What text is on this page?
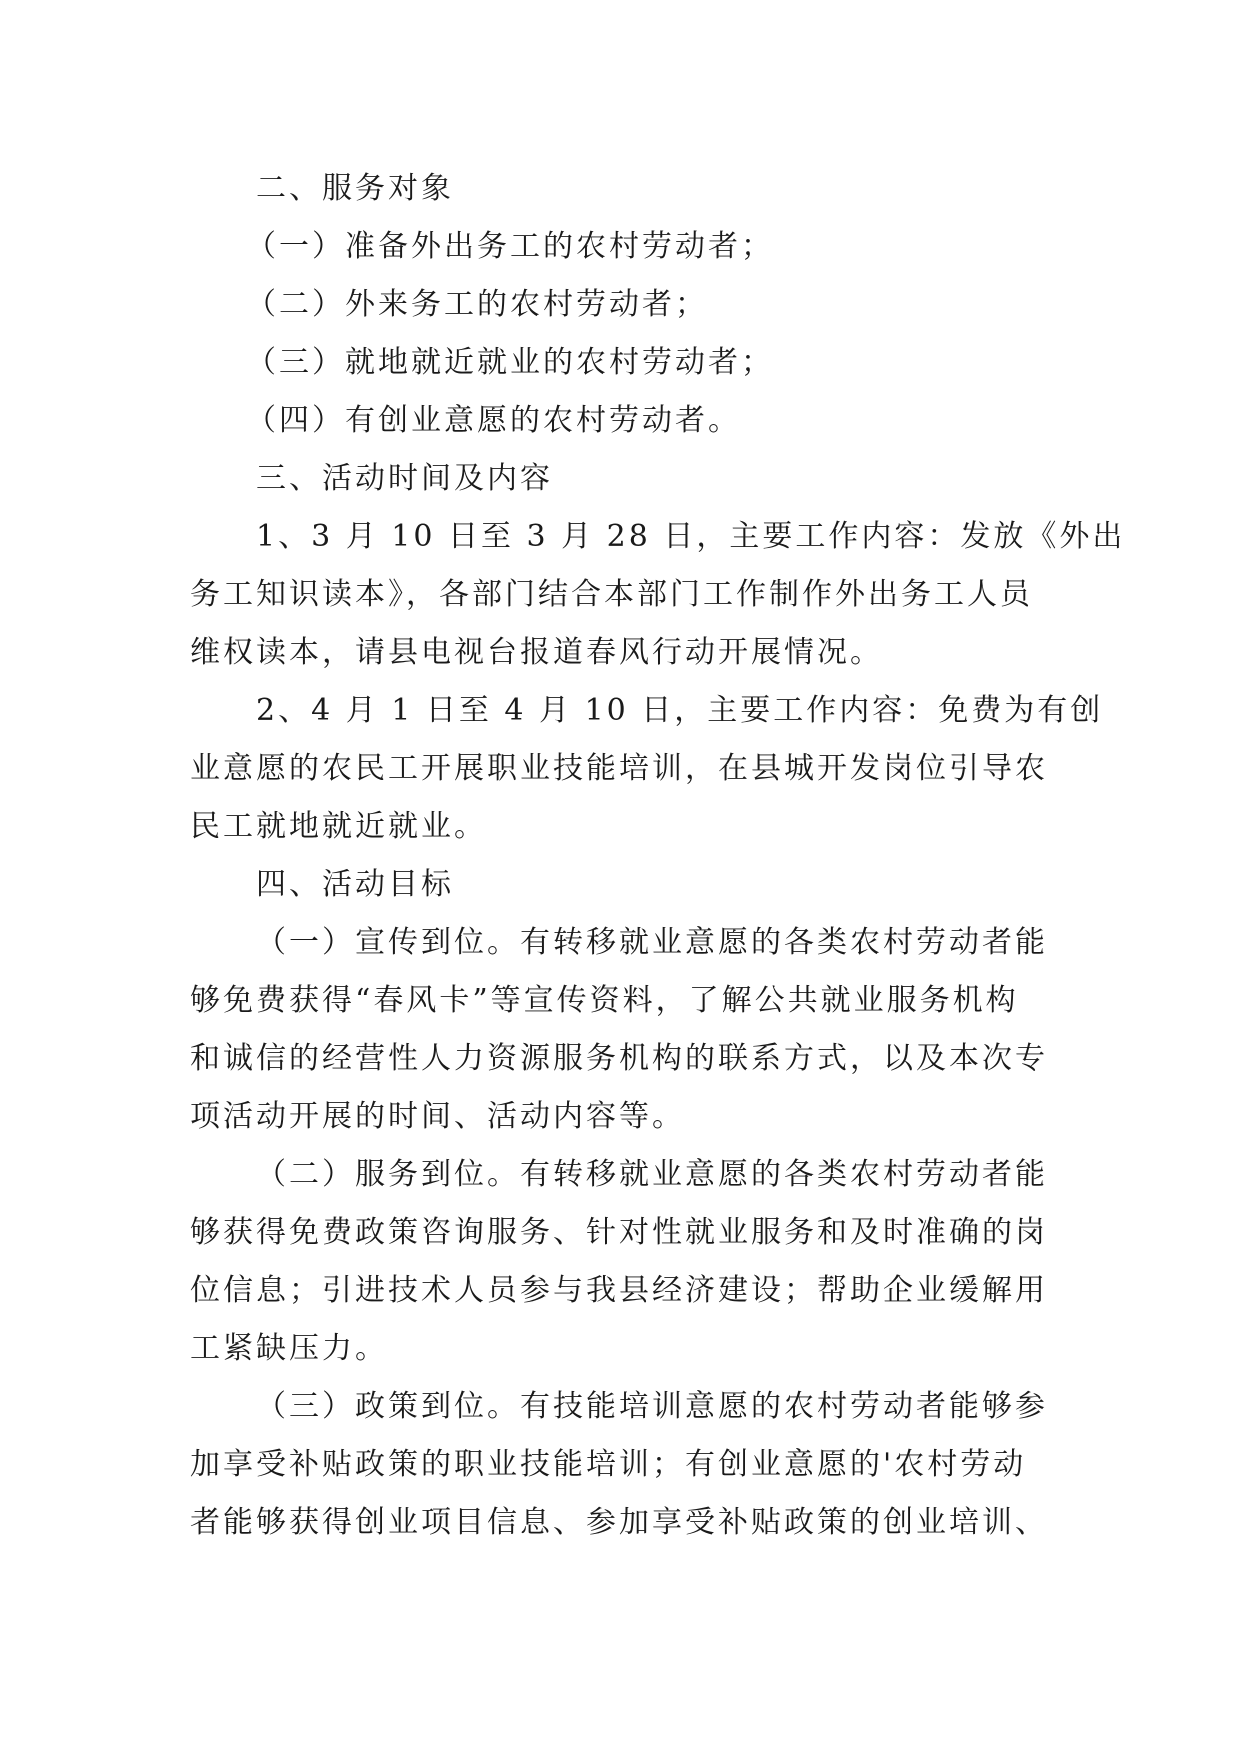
二、服务对象
（一）准备外出务工的农村劳动者；
（二）外来务工的农村劳动者；
（三）就地就近就业的农村劳动者；
（四）有创业意愿的农村劳动者。
三、活动时间及内容
1、3 月 10 日至 3 月 28 日，主要工作内容：发放《外出
务工知识读本》，各部门结合本部门工作制作外出务工人员
维权读本，请县电视台报道春风行动开展情况。
2、4 月 1 日至 4 月 10 日，主要工作内容：免费为有创
业意愿的农民工开展职业技能培训，在县城开发岗位引导农
民工就地就近就业。
四、活动目标
（一）宣传到位。有转移就业意愿的各类农村劳动者能
够免费获得“春风卡”等宣传资料，了解公共就业服务机构
和诚信的经营性人力资源服务机构的联系方式，以及本次专
项活动开展的时间、活动内容等。
（二）服务到位。有转移就业意愿的各类农村劳动者能
够获得免费政策咨询服务、针对性就业服务和及时准确的岗
位信息；引进技术人员参与我县经济建设；帮助企业缓解用
工紧缺压力。
（三）政策到位。有技能培训意愿的农村劳动者能够参
加享受补贴政策的职业技能培训；有创业意愿的'农村劳动
者能够获得创业项目信息、参加享受补贴政策的创业培训、
